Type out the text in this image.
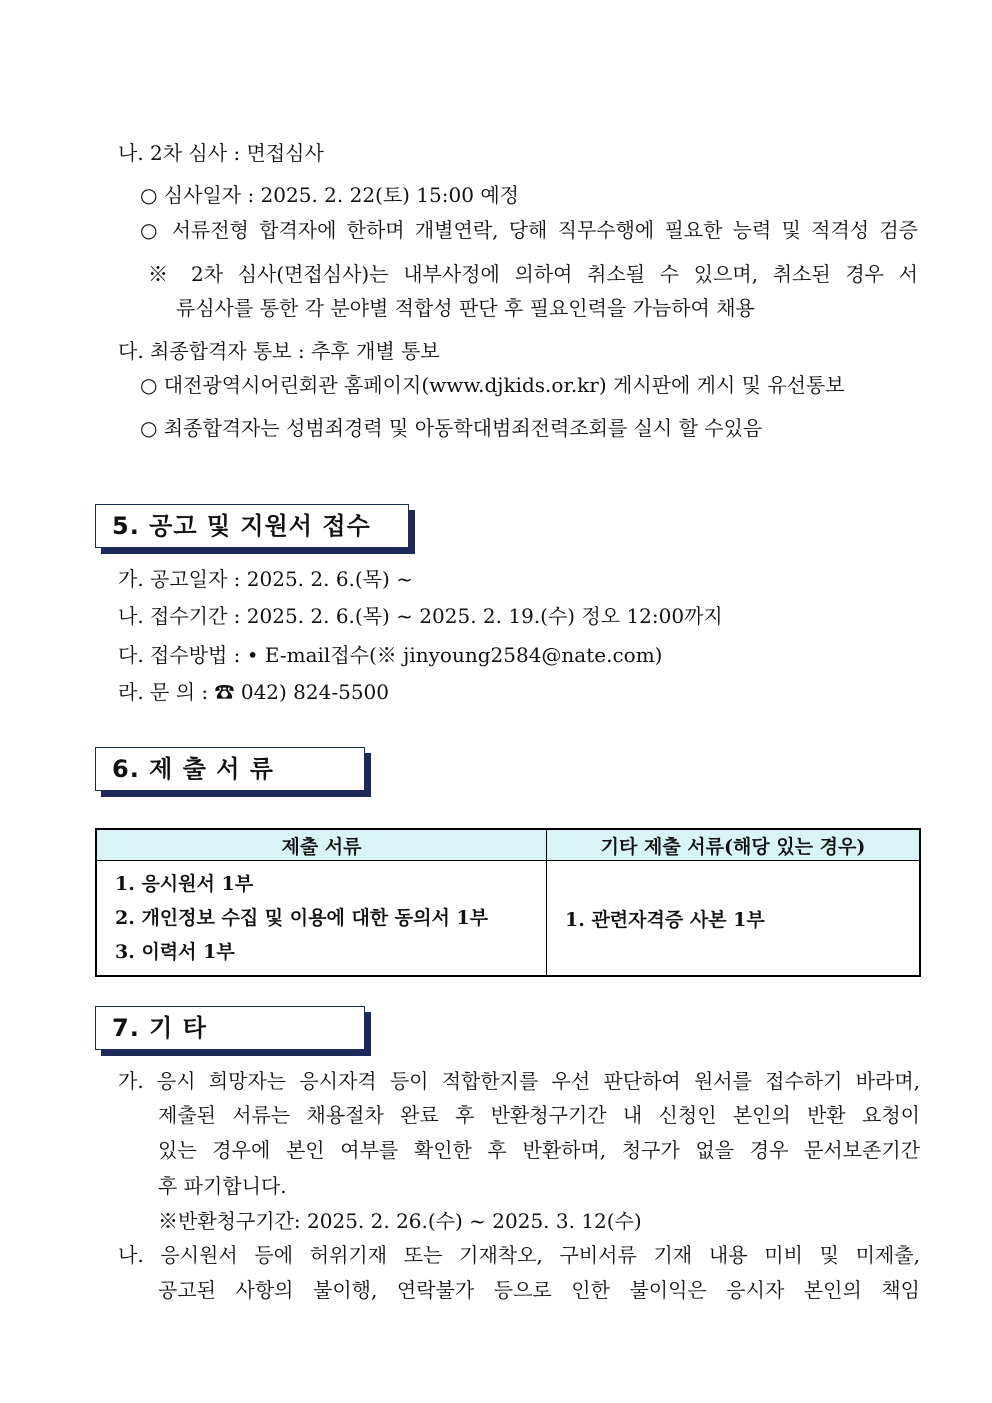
나. 2차 심사 : 면접심사
○ 심사일자 : 2025. 2. 22(토) 15:00 예정
○ 서류전형 합격자에 한하며 개별연락, 당해 직무수행에 필요한 능력 및 적격성 검증
※ 2차 심사(면접심사)는 내부사정에 의하여 취소될 수 있으며, 취소된 경우 서
류심사를 통한 각 분야별 적합성 판단 후 필요인력을 가늠하여 채용
다. 최종합격자 통보 : 추후 개별 통보
○ 대전광역시어린회관 홈페이지(www.djkids.or.kr) 게시판에 게시 및 유선통보
○ 최종합격자는 성범죄경력 및 아동학대범죄전력조회를 실시 할 수있음
5. 공고 및 지원서 접수
가. 공고일자 : 2025. 2. 6.(목) ~
나. 접수기간 : 2025. 2. 6.(목) ~ 2025. 2. 19.(수) 정오 12:00까지
다. 접수방법 : • E-mail접수(※ jinyoung2584@nate.com)
라. 문 의 : ☎ 042) 824-5500
6. 제 출 서 류
제출 서류	기타 제출 서류(해당 있는 경우)

1. 응시원서 1부
2. 개인정보 수집 및 이용에 대한 동의서 1부
3. 이력서 1부	1. 관련자격증 사본 1부
7. 기 타
가. 응시 희망자는 응시자격 등이 적합한지를 우선 판단하여 원서를 접수하기 바라며,
제출된 서류는 채용절차 완료 후 반환청구기간 내 신청인 본인의 반환 요청이
있는 경우에 본인 여부를 확인한 후 반환하며, 청구가 없을 경우 문서보존기간
후 파기합니다.
※반환청구기간: 2025. 2. 26.(수) ~ 2025. 3. 12(수)
나. 응시원서 등에 허위기재 또는 기재착오, 구비서류 기재 내용 미비 및 미제출,
공고된 사항의 불이행, 연락불가 등으로 인한 불이익은 응시자 본인의 책임
